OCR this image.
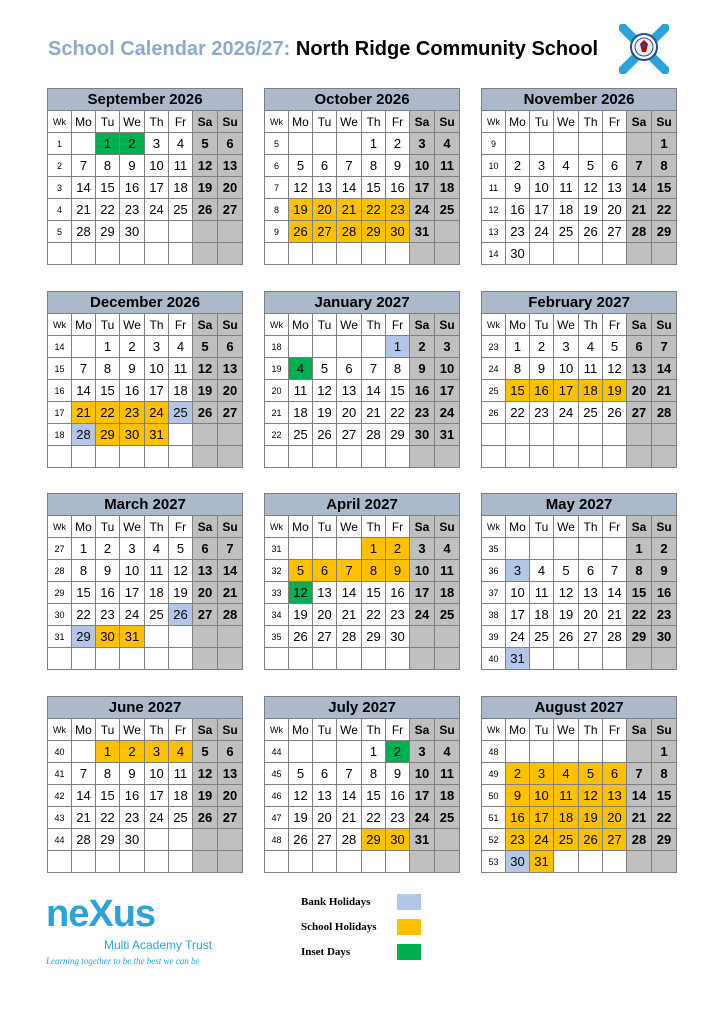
School Calendar 2026/27: North Ridge Community School
September 2026							
Wk	Mo	Tu	We	Th	Fr	Sa	Su
1		1	2	3	4	5	6
2	7	8	9	10	11	12	13
3	14	15	16	17	18	19	20
4	21	22	23	24	25	26	27
5	28	29	30				

October 2026							
Wk	Mo	Tu	We	Th	Fr	Sa	Su
5				1	2	3	4
6	5	6	7	8	9	10	11
7	12	13	14	15	16	17	18
8	19	20	21	22	23	24	25
9	26	27	28	29	30	31	

November 2026							
Wk	Mo	Tu	We	Th	Fr	Sa	Su
9							1
10	2	3	4	5	6	7	8
11	9	10	11	12	13	14	15
12	16	17	18	19	20	21	22
13	23	24	25	26	27	28	29
14	30						
December 2026							
Wk	Mo	Tu	We	Th	Fr	Sa	Su
14		1	2	3	4	5	6
15	7	8	9	10	11	12	13
16	14	15	16	17	18	19	20
17	21	22	23	24	25	26	27
18	28	29	30	31			

January 2027							
Wk	Mo	Tu	We	Th	Fr	Sa	Su
18					1	2	3
19	4	5	6	7	8	9	10
20	11	12	13	14	15	16	17
21	18	19	20	21	22	23	24
22	25	26	27	28	29	30	31

February 2027							
Wk	Mo	Tu	We	Th	Fr	Sa	Su
23	1	2	3	4	5	6	7
24	8	9	10	11	12	13	14
25	15	16	17	18	19	20	21
26	22	23	24	25	26	27	28

March 2027							
Wk	Mo	Tu	We	Th	Fr	Sa	Su
27	1	2	3	4	5	6	7
28	8	9	10	11	12	13	14
29	15	16	17	18	19	20	21
30	22	23	24	25	26	27	28
31	29	30	31				

April 2027							
Wk	Mo	Tu	We	Th	Fr	Sa	Su
31				1	2	3	4
32	5	6	7	8	9	10	11
33	12	13	14	15	16	17	18
34	19	20	21	22	23	24	25
35	26	27	28	29	30		

May 2027							
Wk	Mo	Tu	We	Th	Fr	Sa	Su
35						1	2
36	3	4	5	6	7	8	9
37	10	11	12	13	14	15	16
38	17	18	19	20	21	22	23
39	24	25	26	27	28	29	30
40	31						
June 2027							
Wk	Mo	Tu	We	Th	Fr	Sa	Su
40		1	2	3	4	5	6
41	7	8	9	10	11	12	13
42	14	15	16	17	18	19	20
43	21	22	23	24	25	26	27
44	28	29	30				

July 2027							
Wk	Mo	Tu	We	Th	Fr	Sa	Su
44				1	2	3	4
45	5	6	7	8	9	10	11
46	12	13	14	15	16	17	18
47	19	20	21	22	23	24	25
48	26	27	28	29	30	31	

August 2027							
Wk	Mo	Tu	We	Th	Fr	Sa	Su
48							1
49	2	3	4	5	6	7	8
50	9	10	11	12	13	14	15
51	16	17	18	19	20	21	22
52	23	24	25	26	27	28	29
53	30	31					
neXus
Multi Academy Trust
Learning together to be the best we can be
Bank Holidays
School Holidays
Inset Days
